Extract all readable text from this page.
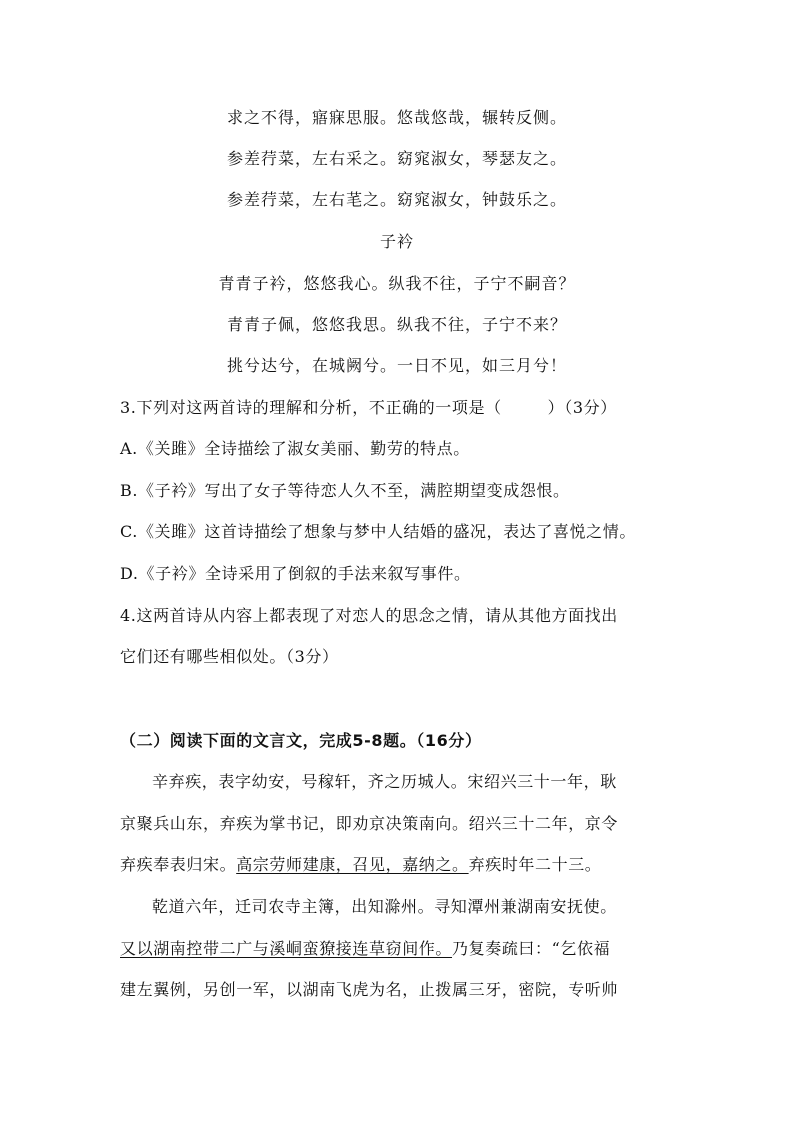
求之不得，寤寐思服。悠哉悠哉，辗转反侧。
参差荇菜，左右采之。窈窕淑女，琴瑟友之。
参差荇菜，左右芼之。窈窕淑女，钟鼓乐之。
子衿
青青子衿，悠悠我心。纵我不往，子宁不嗣音？
青青子佩，悠悠我思。纵我不往，子宁不来？
挑兮达兮，在城阙兮。一日不见，如三月兮！
3.下列对这两首诗的理解和分析，不正确的一项是（	）（3分）
A.《关雎》全诗描绘了淑女美丽、勤劳的特点。
B.《子衿》写出了女子等待恋人久不至，满腔期望变成怨恨。
C.《关雎》这首诗描绘了想象与梦中人结婚的盛况，表达了喜悦之情。
D.《子衿》全诗采用了倒叙的手法来叙写事件。
4.这两首诗从内容上都表现了对恋人的思念之情，请从其他方面找出
它们还有哪些相似处。（3分）
（二）阅读下面的文言文，完成5-8题。（16分）
辛弃疾，表字幼安，号稼轩，齐之历城人。宋绍兴三十一年，耿
京聚兵山东，弃疾为掌书记，即劝京决策南向。绍兴三十二年，京令
弃疾奉表归宋。高宗劳师建康，召见，嘉纳之。弃疾时年二十三。
乾道六年，迁司农寺主簿，出知滁州。寻知潭州兼湖南安抚使。
又以湖南控带二广与溪峒蛮獠接连草窃间作。乃复奏疏曰：“乞依福
建左翼例，另创一军，以湖南飞虎为名，止拨属三牙，密院，专听帅
